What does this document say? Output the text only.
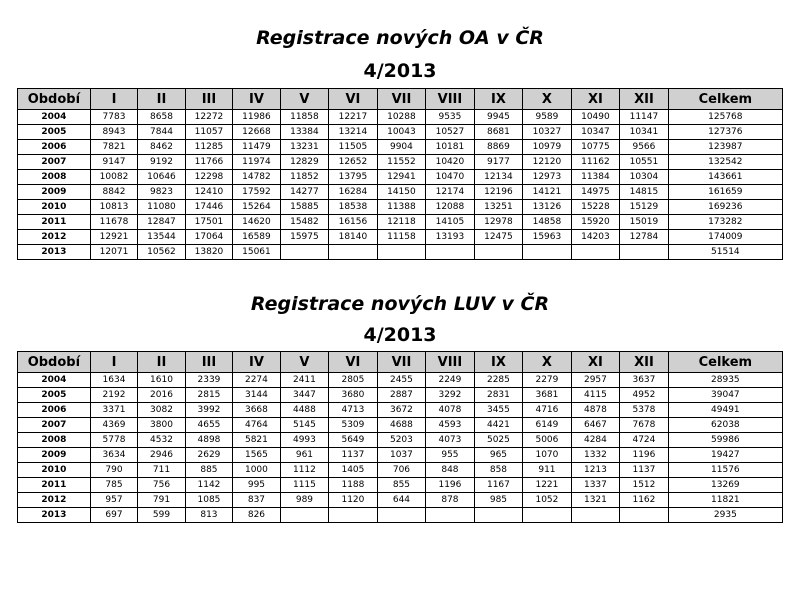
Registrace nových OA v ČR
4/2013
Období	I	II	III	IV	V	VI	VII	VIII	IX	X	XI	XII	Celkem
2004	7783	8658	12272	11986	11858	12217	10288	9535	9945	9589	10490	11147	125768
2005	8943	7844	11057	12668	13384	13214	10043	10527	8681	10327	10347	10341	127376
2006	7821	8462	11285	11479	13231	11505	9904	10181	8869	10979	10775	9566	123987
2007	9147	9192	11766	11974	12829	12652	11552	10420	9177	12120	11162	10551	132542
2008	10082	10646	12298	14782	11852	13795	12941	10470	12134	12973	11384	10304	143661
2009	8842	9823	12410	17592	14277	16284	14150	12174	12196	14121	14975	14815	161659
2010	10813	11080	17446	15264	15885	18538	11388	12088	13251	13126	15228	15129	169236
2011	11678	12847	17501	14620	15482	16156	12118	14105	12978	14858	15920	15019	173282
2012	12921	13544	17064	16589	15975	18140	11158	13193	12475	15963	14203	12784	174009
2013	12071	10562	13820	15061									51514
Registrace nových LUV v ČR
4/2013
Období	I	II	III	IV	V	VI	VII	VIII	IX	X	XI	XII	Celkem
2004	1634	1610	2339	2274	2411	2805	2455	2249	2285	2279	2957	3637	28935
2005	2192	2016	2815	3144	3447	3680	2887	3292	2831	3681	4115	4952	39047
2006	3371	3082	3992	3668	4488	4713	3672	4078	3455	4716	4878	5378	49491
2007	4369	3800	4655	4764	5145	5309	4688	4593	4421	6149	6467	7678	62038
2008	5778	4532	4898	5821	4993	5649	5203	4073	5025	5006	4284	4724	59986
2009	3634	2946	2629	1565	961	1137	1037	955	965	1070	1332	1196	19427
2010	790	711	885	1000	1112	1405	706	848	858	911	1213	1137	11576
2011	785	756	1142	995	1115	1188	855	1196	1167	1221	1337	1512	13269
2012	957	791	1085	837	989	1120	644	878	985	1052	1321	1162	11821
2013	697	599	813	826									2935
